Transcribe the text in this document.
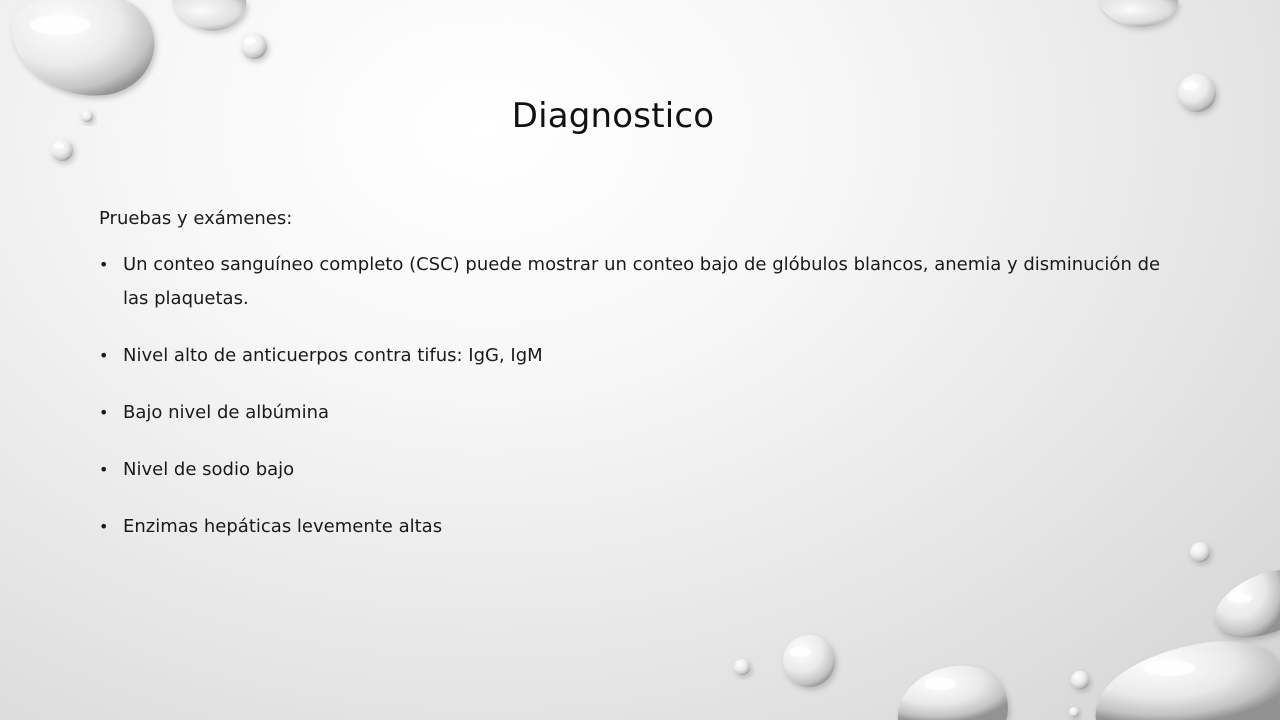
Diagnostico

Pruebas y exámenes:

• Un conteo sanguíneo completo (CSC) puede mostrar un conteo bajo de glóbulos blancos, anemia y disminución de las plaquetas.
• Nivel alto de anticuerpos contra tifus: IgG, IgM
• Bajo nivel de albúmina
• Nivel de sodio bajo
• Enzimas hepáticas levemente altas
